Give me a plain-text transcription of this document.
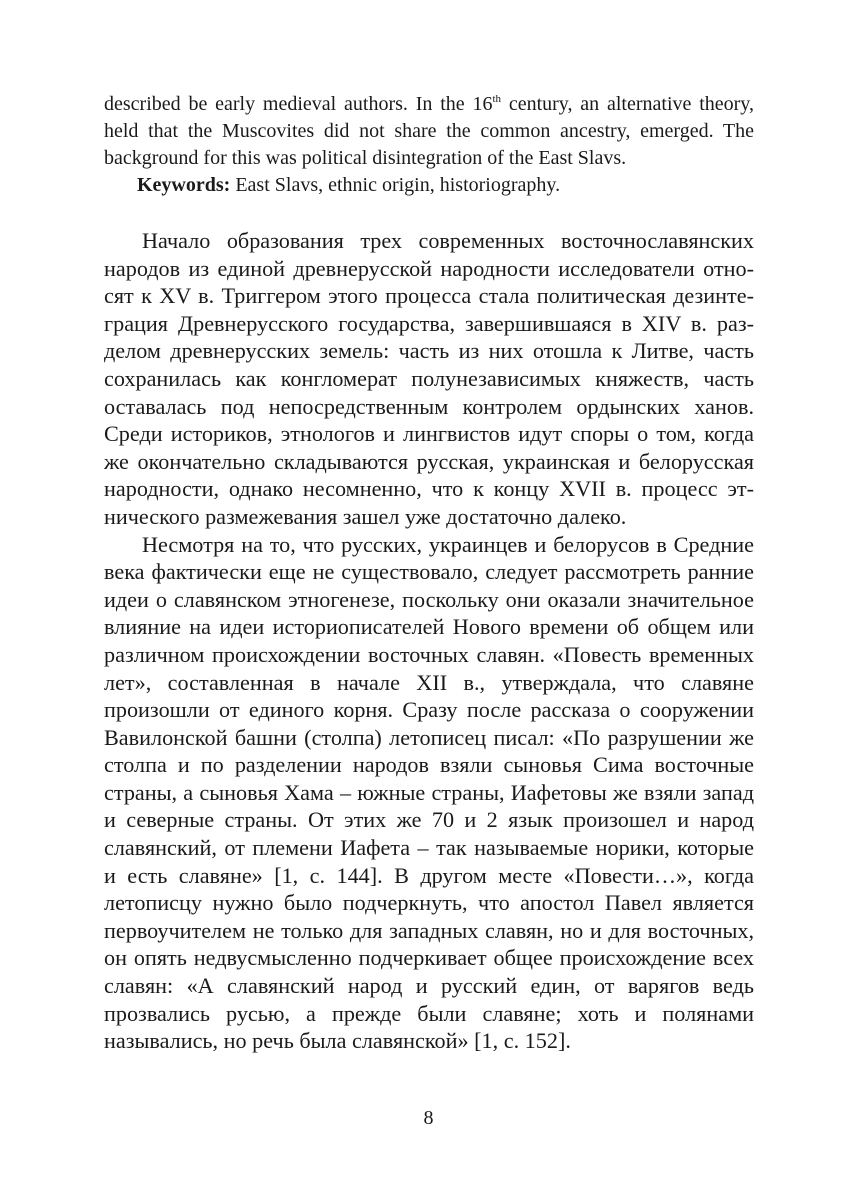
described be early medieval authors. In the 16th century, an alternative theory, held that the Muscovites did not share the common ancestry, emerged. The background for this was political disintegration of the East Slavs.

Keywords: East Slavs, ethnic origin, historiography.

Начало образования трех современных восточнославянских народов из единой древнерусской народности исследователи относят к XV в. Триггером этого процесса стала политическая дезинтеграция Древнерусского государства, завершившаяся в XIV в. разделом древнерусских земель: часть из них отошла к Литве, часть сохранилась как конгломерат полунезависимых княжеств, часть оставалась под непосредственным контролем ордынских ханов. Среди историков, этнологов и лингвистов идут споры о том, когда же окончательно складываются русская, украинская и белорусская народности, однако несомненно, что к концу XVII в. процесс этнического размежевания зашел уже достаточно далеко.

Несмотря на то, что русских, украинцев и белорусов в Средние века фактически еще не существовало, следует рассмотреть ранние идеи о славянском этногенезе, поскольку они оказали значительное влияние на идеи историописателей Нового времени об общем или различном происхождении восточных славян. «Повесть временных лет», составленная в начале XII в., утверждала, что славяне произошли от единого корня. Сразу после рассказа о сооружении Вавилонской башни (столпа) летописец писал: «По разрушении же столпа и по разделении народов взяли сыновья Сима восточные страны, а сыновья Хама – южные страны, Иафетовы же взяли запад и северные страны. От этих же 70 и 2 язык произошел и народ славянский, от племени Иафета – так называемые норики, которые и есть славяне» [1, с. 144]. В другом месте «Повести…», когда летописцу нужно было подчеркнуть, что апостол Павел является первоучителем не только для западных славян, но и для восточных, он опять недвусмысленно подчеркивает общее происхождение всех славян: «А славянский народ и русский един, от варягов ведь прозвались русью, а прежде были славяне; хоть и полянами назывались, но речь была славянской» [1, с. 152].

8
